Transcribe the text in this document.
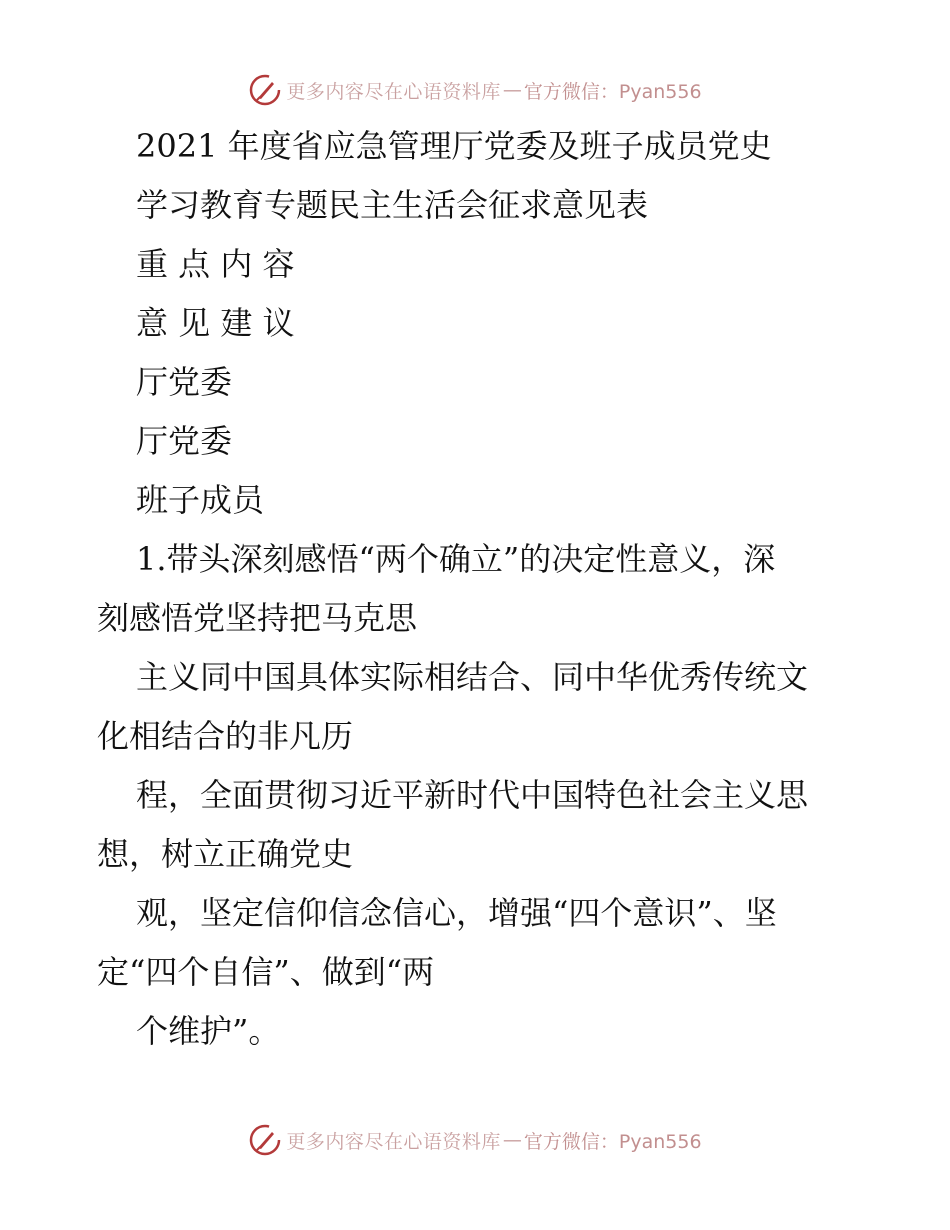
更多内容尽在心语资料库 — 官方微信：Pyan556
2021 年度省应急管理厅党委及班子成员党史
学习教育专题民主生活会征求意见表
重 点 内 容
意 见 建 议
厅党委
厅党委
班子成员
1.带头深刻感悟“两个确立”的决定性意义，深
刻感悟党坚持把马克思
主义同中国具体实际相结合、同中华优秀传统文
化相结合的非凡历
程，全面贯彻习近平新时代中国特色社会主义思
想，树立正确党史
观，坚定信仰信念信心，增强“四个意识”、坚
定“四个自信”、做到“两
个维护”。
更多内容尽在心语资料库 — 官方微信：Pyan556
